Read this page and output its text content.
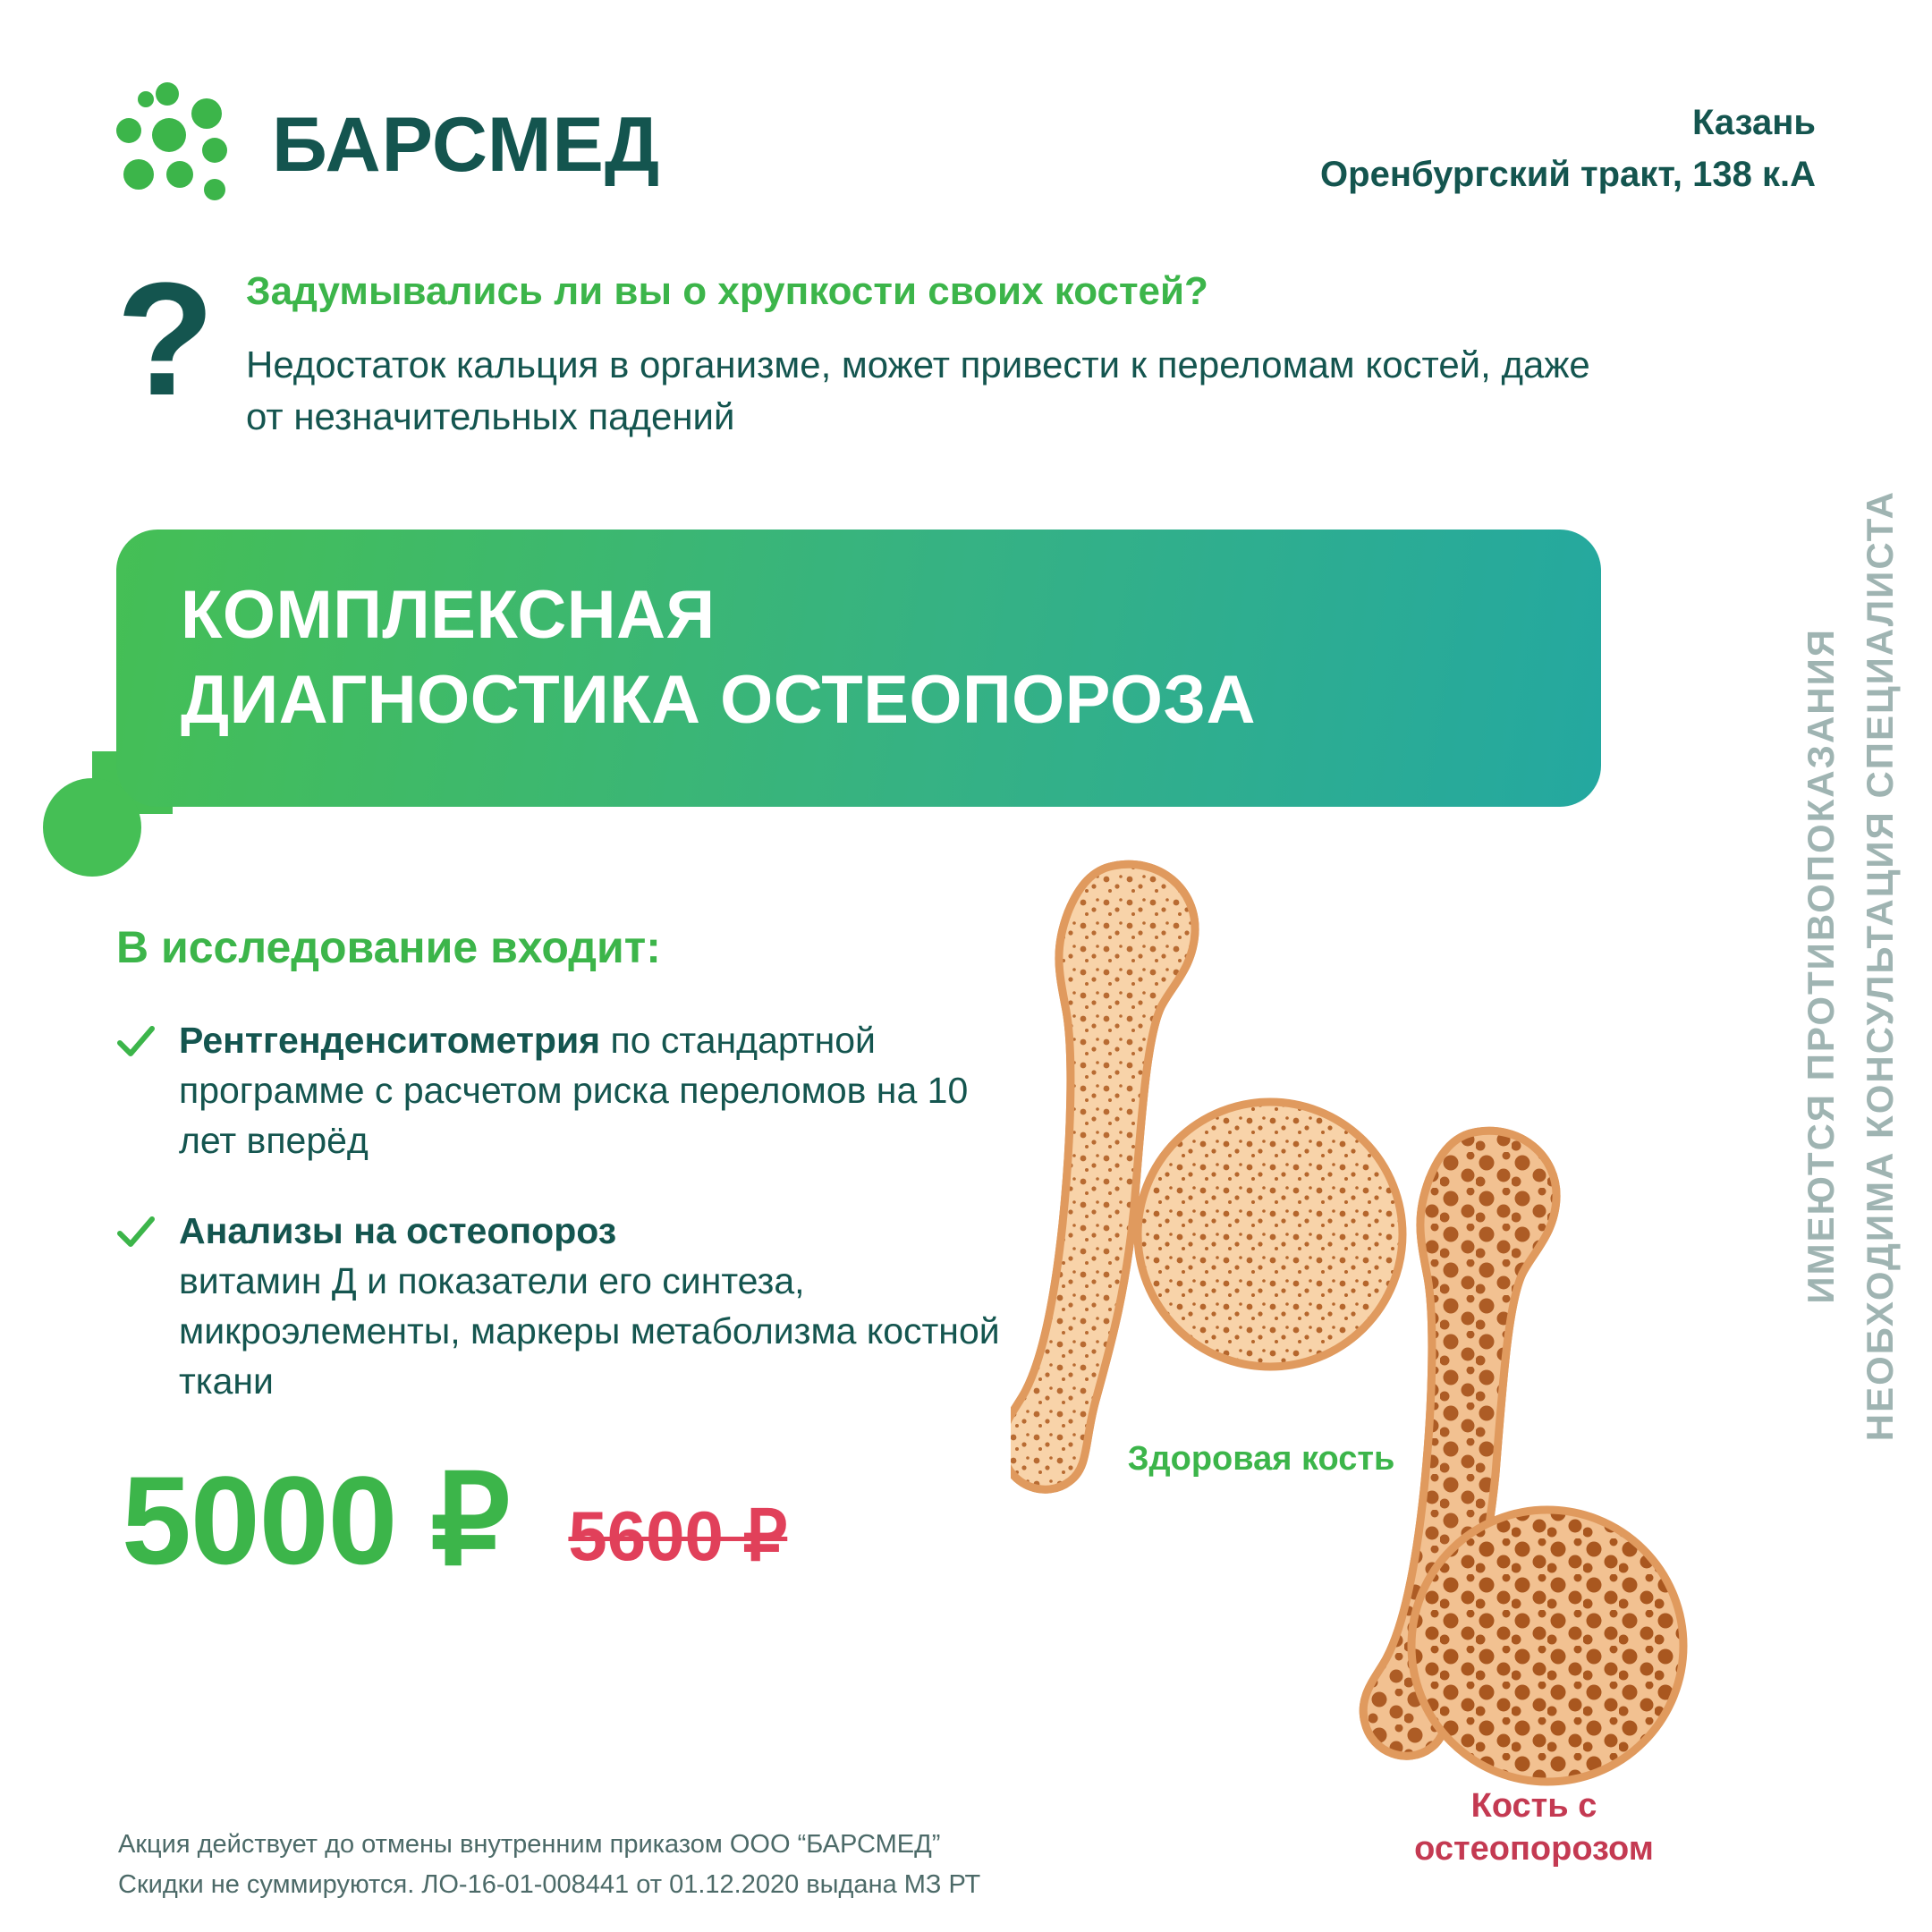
БАРСМЕД	Казань
Оренбургский тракт, 138 к.А
? Задумывались ли вы о хрупкости своих костей?
Недостаток кальция в организме, может привести к переломам костей, даже от незначительных падений
КОМПЛЕКСНАЯ
ДИАГНОСТИКА ОСТЕОПОРОЗА
В исследование входит:
Рентгенденситометрия по стандартной программе с расчетом риска переломов на 10 лет вперёд
Анализы на остеопороз
витамин Д и показатели его синтеза, микроэлементы, маркеры метаболизма костной ткани
5000 ₽ 5600 ₽
Акция действует до отмены внутренним приказом ООО “БАРСМЕД”
Скидки не суммируются. ЛО-16-01-008441 от 01.12.2020 выдана МЗ РТ
ИМЕЮТСЯ ПРОТИВОПОКАЗАНИЯ НЕОБХОДИМА КОНСУЛЬТАЦИЯ СПЕЦИАЛИСТА
Здоровая кость
Кость с остеопорозом
